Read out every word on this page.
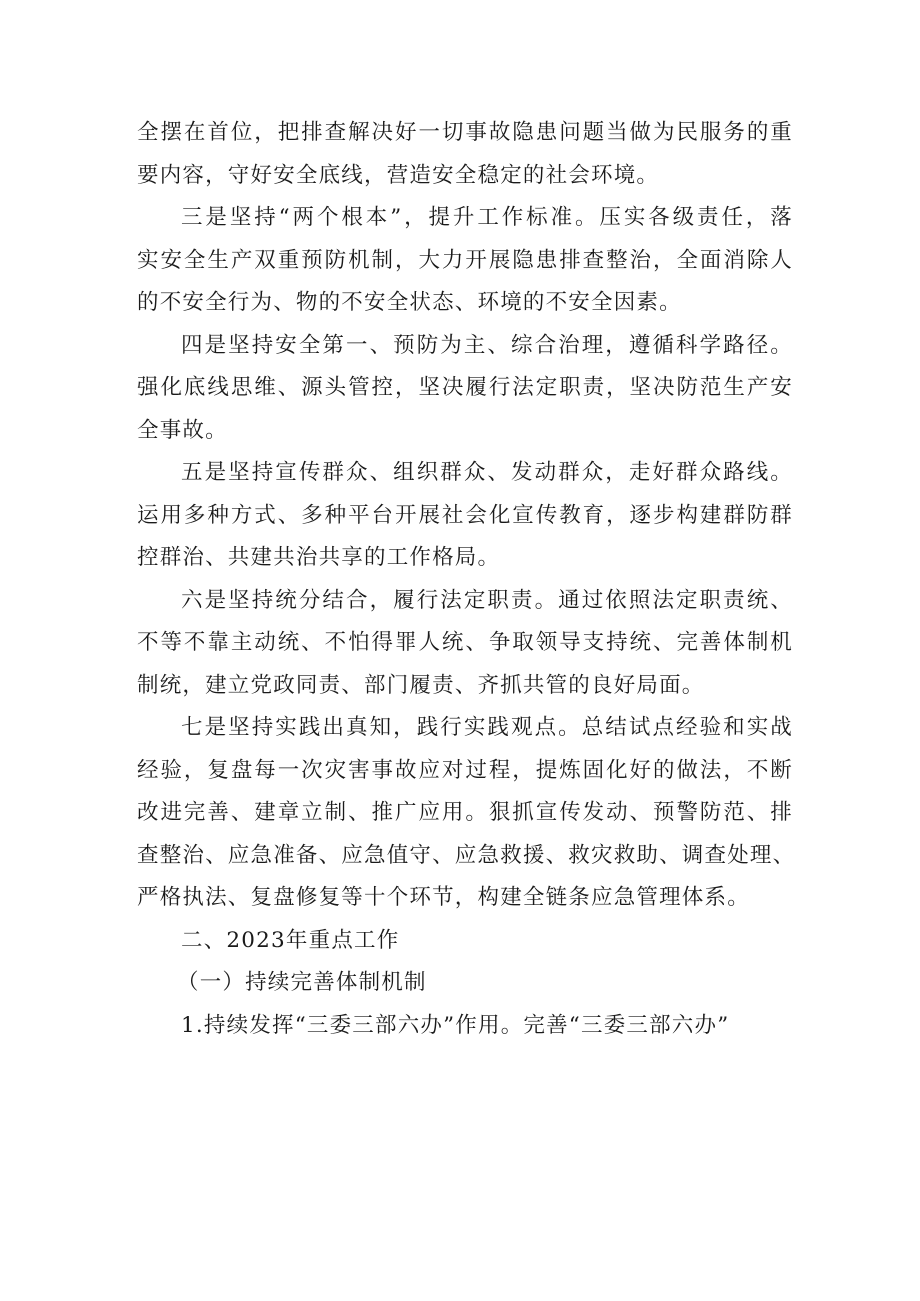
全摆在首位，把排查解决好一切事故隐患问题当做为民服务的重
要内容，守好安全底线，营造安全稳定的社会环境。
三是坚持“两个根本”，提升工作标准。压实各级责任，落
实安全生产双重预防机制，大力开展隐患排查整治，全面消除人
的不安全行为、物的不安全状态、环境的不安全因素。
四是坚持安全第一、预防为主、综合治理，遵循科学路径。
强化底线思维、源头管控，坚决履行法定职责，坚决防范生产安
全事故。
五是坚持宣传群众、组织群众、发动群众，走好群众路线。
运用多种方式、多种平台开展社会化宣传教育，逐步构建群防群
控群治、共建共治共享的工作格局。
六是坚持统分结合，履行法定职责。通过依照法定职责统、
不等不靠主动统、不怕得罪人统、争取领导支持统、完善体制机
制统，建立党政同责、部门履责、齐抓共管的良好局面。
七是坚持实践出真知，践行实践观点。总结试点经验和实战
经验，复盘每一次灾害事故应对过程，提炼固化好的做法，不断
改进完善、建章立制、推广应用。狠抓宣传发动、预警防范、排
查整治、应急准备、应急值守、应急救援、救灾救助、调查处理、
严格执法、复盘修复等十个环节，构建全链条应急管理体系。
二、2023年重点工作
（一）持续完善体制机制
1.持续发挥“三委三部六办”作用。完善“三委三部六办”
